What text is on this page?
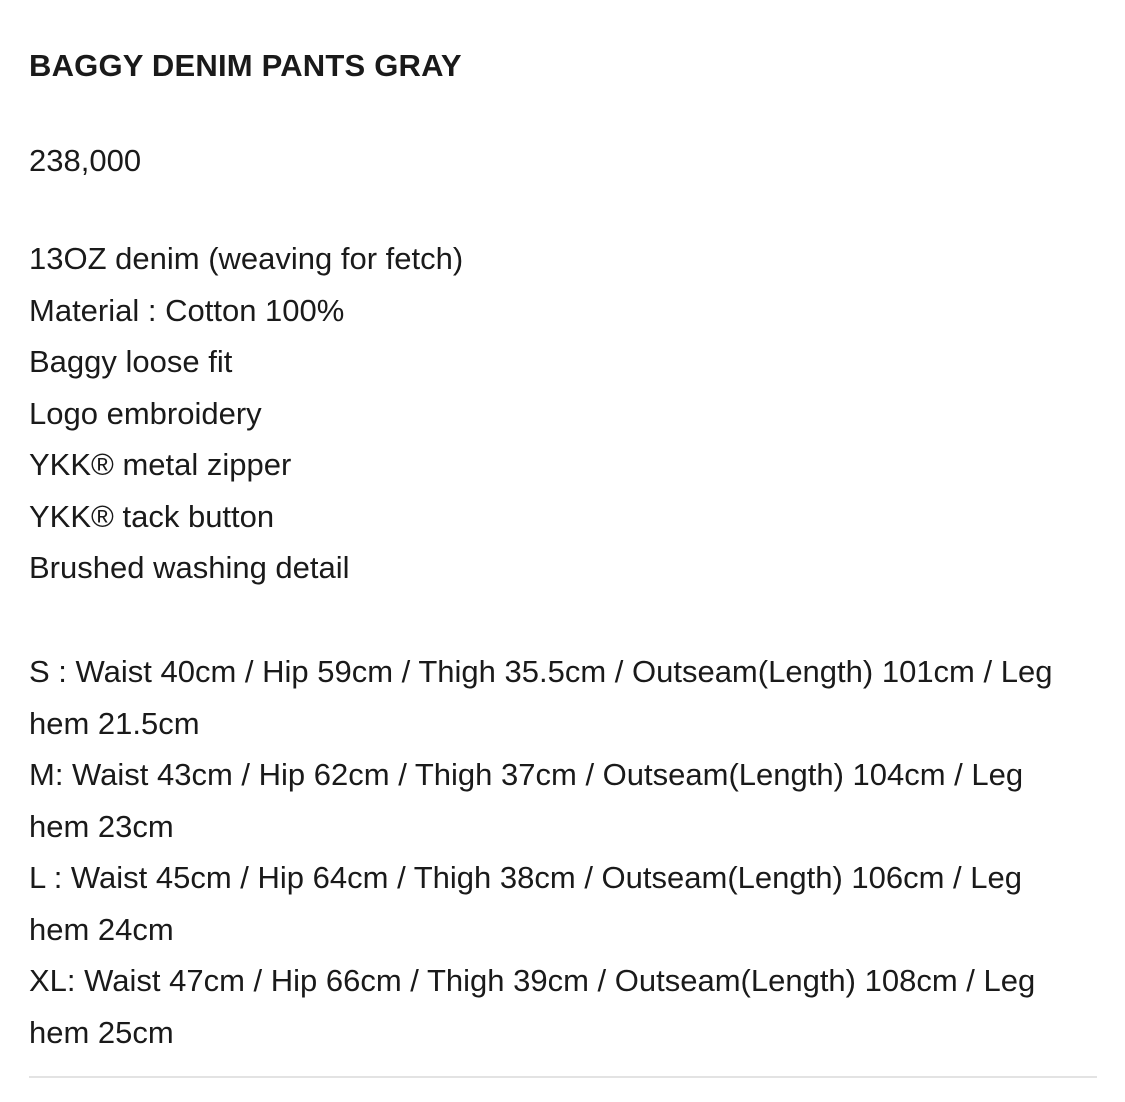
BAGGY DENIM PANTS GRAY
238,000
13OZ denim (weaving for fetch)
Material : Cotton 100%
Baggy loose fit
Logo embroidery
YKK® metal zipper
YKK® tack button
Brushed washing detail
S : Waist 40cm / Hip 59cm / Thigh 35.5cm / Outseam(Length) 101cm / Leg hem 21.5cm
M: Waist 43cm / Hip 62cm / Thigh 37cm / Outseam(Length) 104cm / Leg hem 23cm
L : Waist 45cm / Hip 64cm / Thigh 38cm / Outseam(Length) 106cm / Leg hem 24cm
XL: Waist 47cm / Hip 66cm / Thigh 39cm / Outseam(Length) 108cm / Leg hem 25cm
